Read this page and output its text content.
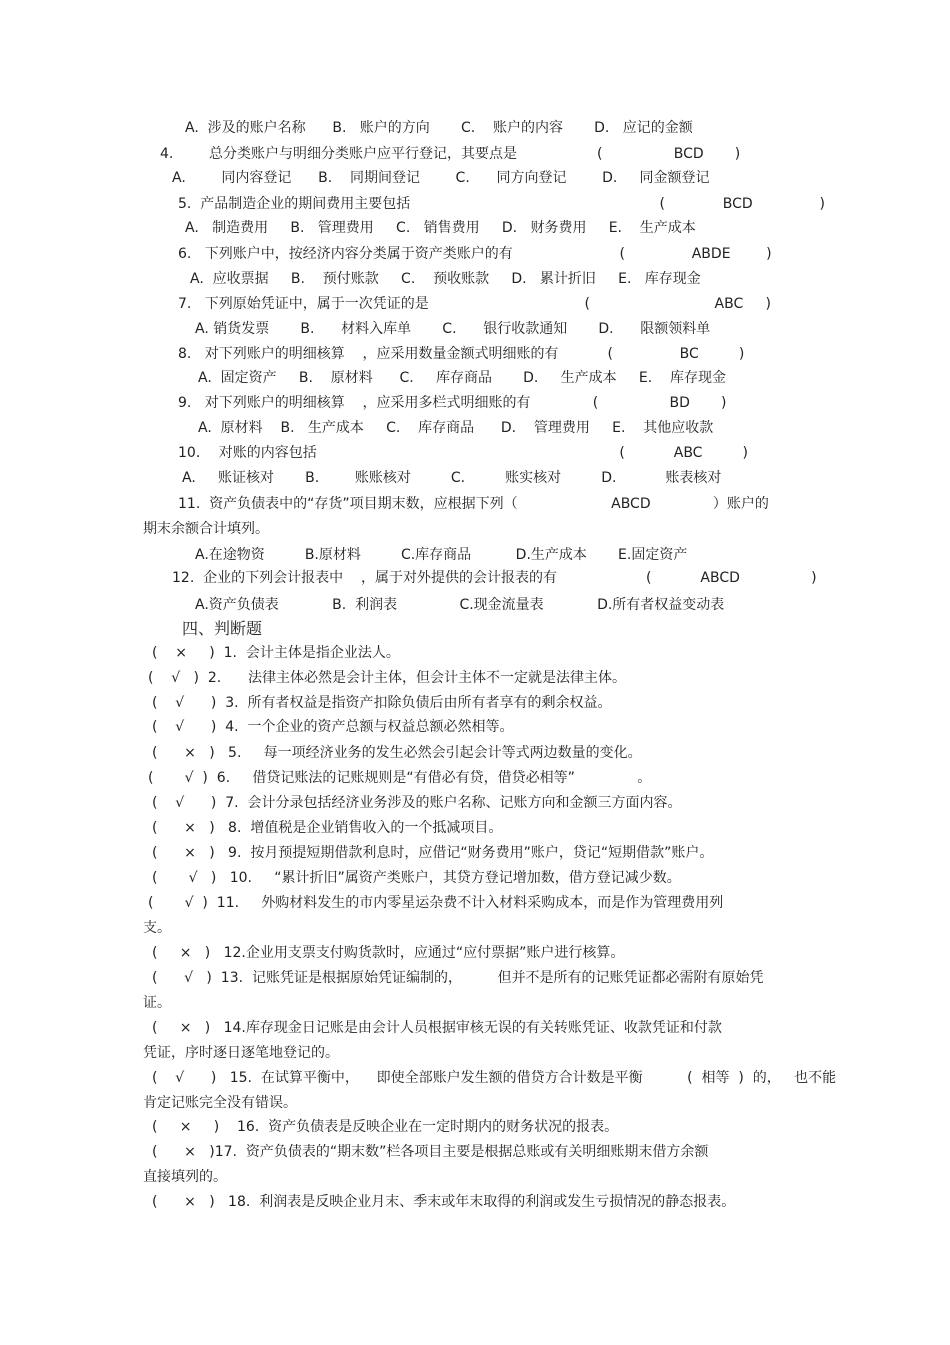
A.  涉及的账户名称      B.   账户的方向       C.    账户的内容       D.   应记的金额
4.        总分类账户与明细分类账户应平行登记，其要点是                  (                BCD       )
A.        同内容登记      B.    同期间登记        C.      同方向登记        D.     同金额登记
5.  产品制造企业的期间费用主要包括                                                        (             BCD               )
A.   制造费用     B.   管理费用     C.   销售费用     D.   财务费用     E.    生产成本
6.   下列账户中，按经济内容分类属于资产类账户的有                        (               ABDE        )
A.  应收票据     B.    预付账款     C.    预收账款     D.   累计折旧     E.   库存现金
7.   下列原始凭证中，属于一次凭证的是                                   (                            ABC     )
A. 销货发票       B.      材料入库单       C.      银行收款通知       D.      限额领料单
8.   对下列账户的明细核算    ，应采用数量金额式明细账的有           (               BC         )
A.  固定资产     B.    原材料      C.     库存商品       D.     生产成本     E.    库存现金
9.   对下列账户的明细核算    ，应采用多栏式明细账的有              (                BD       )
A.  原材料    B.   生产成本     C.    库存商品      D.    管理费用     E.    其他应收款
10．  对账的内容包括                                                                    (           ABC         )
A.     账证核对       B.        账账核对         C.         账实核对         D.           账表核对
11.  资产负债表中的“存货”项目期末数，应根据下列（                     ABCD              ）账户的
期末余额合计填列。
A.在途物资         B.原材料         C.库存商品          D.生产成本       E.固定资产
12.  企业的下列会计报表中    ，属于对外提供的会计报表的有                    (           ABCD                )
A.资产负债表            B.  利润表              C.现金流量表            D.所有者权益变动表
四、判断题
(    ×     )  1.  会计主体是指企业法人。
(    √   )  2.      法律主体必然是会计主体，但会计主体不一定就是法律主体。
(    √      )  3.  所有者权益是指资产扣除负债后由所有者享有的剩余权益。
(    √      )  4.  一个企业的资产总额与权益总额必然相等。
(      ×   )   5.     每一项经济业务的发生必然会引起会计等式两边数量的变化。
(       √  )  6.     借贷记账法的记账规则是“有借必有贷，借贷必相等”              。
(    √      )  7.  会计分录包括经济业务涉及的账户名称、记账方向和金额三方面内容。
(      ×   )   8.  增值税是企业销售收入的一个抵减项目。
(      ×   )   9.  按月预提短期借款利息时，应借记“财务费用”账户，贷记“短期借款”账户。
(       √   )   10.     “累计折旧”属资产类账户，其贷方登记增加数，借方登记减少数。
(       √  )  11.     外购材料发生的市内零星运杂费不计入材料采购成本，而是作为管理费用列
支。
(     ×   )   12.企业用支票支付购货款时，应通过“应付票据”账户进行核算。
(      √   )  13.  记账凭证是根据原始凭证编制的，        但并不是所有的记账凭证都必需附有原始凭
证。
(     ×   )   14.库存现金日记账是由会计人员根据审核无误的有关转账凭证、收款凭证和付款
凭证，序时逐日逐笔地登记的。
(    √      )   15.  在试算平衡中，    即使全部账户发生额的借贷方合计数是平衡          (  相等  )  的，   也不能
肯定记账完全没有错误。
(     ×     )    16.  资产负债表是反映企业在一定时期内的财务状况的报表。
(      ×   )17.  资产负债表的“期末数”栏各项目主要是根据总账或有关明细账期末借方余额
直接填列的。
(      ×   )   18.  利润表是反映企业月末、季末或年末取得的利润或发生亏损情况的静态报表。
